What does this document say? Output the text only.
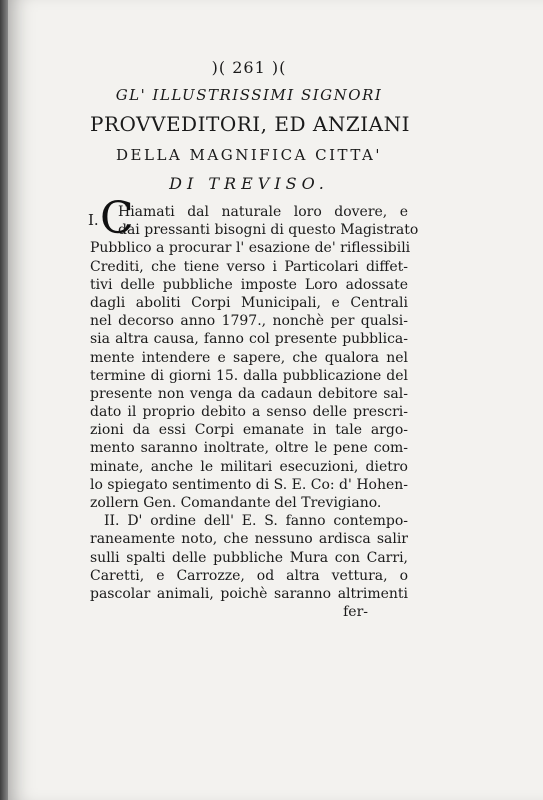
)( 261 )(
GL' ILLUSTRISSIMI SIGNORI
PROVVEDITORI, ED ANZIANI
DELLA MAGNIFICA CITTA'
DI TREVISO.
I. C
Hiamati dal naturale loro dovere, e
dai pressanti bisogni di questo Magistrato
Pubblico a procurar l' esazione de' riflessibili
Crediti, che tiene verso i Particolari diffet-
tivi delle pubbliche imposte Loro adossate
dagli aboliti Corpi Municipali, e Centrali
nel decorso anno 1797., nonchè per qualsi-
sia altra causa, fanno col presente pubblica-
mente intendere e sapere, che qualora nel
termine di giorni 15. dalla pubblicazione del
presente non venga da cadaun debitore sal-
dato il proprio debito a senso delle prescri-
zioni da essi Corpi emanate in tale argo-
mento saranno inoltrate, oltre le pene com-
minate, anche le militari esecuzioni, dietro
lo spiegato sentimento di S. E. Co: d' Hohen-
zollern Gen. Comandante del Trevigiano.
II. D' ordine dell' E. S. fanno contempo-
raneamente noto, che nessuno ardisca salir
sulli spalti delle pubbliche Mura con Carri,
Caretti, e Carrozze, od altra vettura, o
pascolar animali, poichè saranno altrimenti
fer-
